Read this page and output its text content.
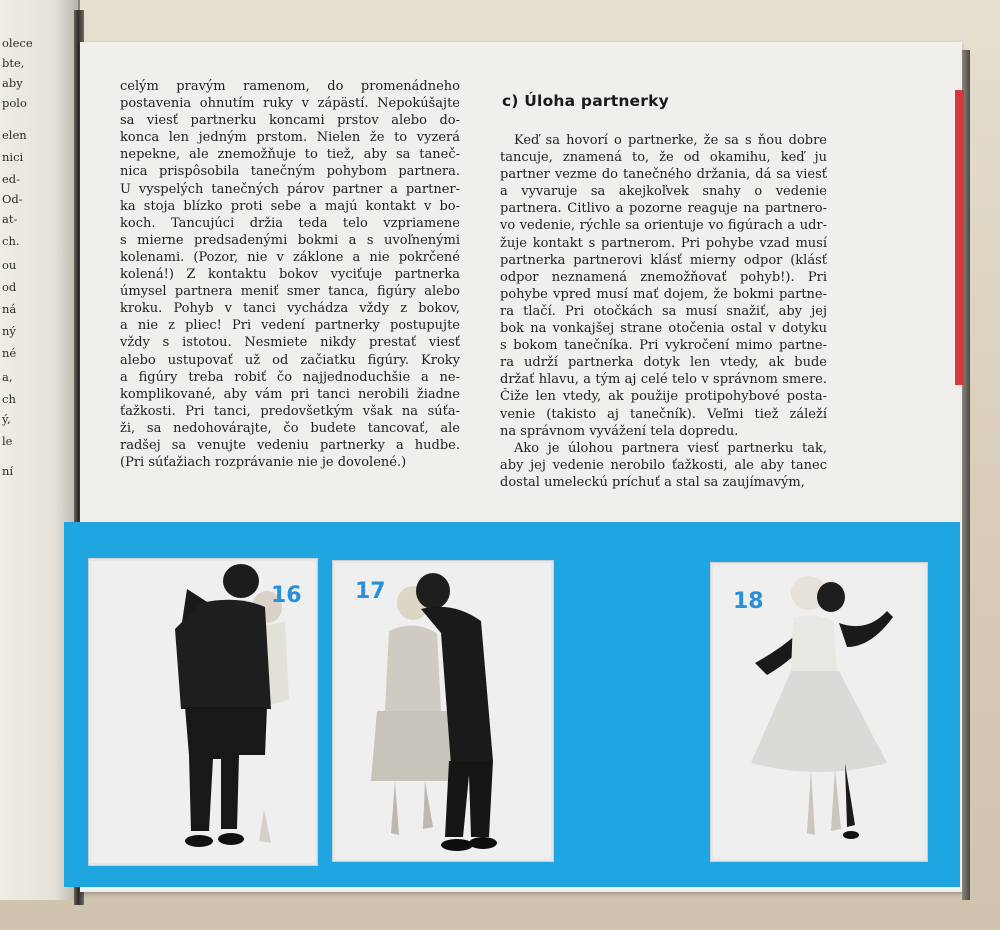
olece
bte,
aby
polo
elen
nici
ed-
Od-
at-
ch.
ou
od
ná
ný
né
a,
ch
ý,
le
ní
celým pravým ramenom, do promenádneho
postavenia ohnutím ruky v zápästí. Nepokúšajte
sa viesť partnerku koncami prstov alebo do-
konca len jedným prstom. Nielen že to vyzerá
nepekne, ale znemožňuje to tiež, aby sa taneč-
nica prispôsobila tanečným pohybom partnera.
U vyspelých tanečných párov partner a partner-
ka stoja blízko proti sebe a majú kontakt v bo-
koch. Tancujúci držia teda telo vzpriamene
s mierne predsadenými bokmi a s uvoľnenými
kolenami. (Pozor, nie v záklone a nie pokrčené
kolená!) Z kontaktu bokov vyciťuje partnerka
úmysel partnera meniť smer tanca, figúry alebo
kroku. Pohyb v tanci vychádza vždy z bokov,
a nie z pliec! Pri vedení partnerky postupujte
vždy s istotou. Nesmiete nikdy prestať viesť
alebo ustupovať už od začiatku figúry. Kroky
a figúry treba robiť čo najjednoduchšie a ne-
komplikované, aby vám pri tanci nerobili žiadne
ťažkosti. Pri tanci, predovšetkým však na súťa-
ži, sa nedohovárajte, čo budete tancovať, ale
radšej sa venujte vedeniu partnerky a hudbe.
(Pri súťažiach rozprávanie nie je dovolené.)
c) Úloha partnerky
Keď sa hovorí o partnerke, že sa s ňou dobre
tancuje, znamená to, že od okamihu, keď ju
partner vezme do tanečného držania, dá sa viesť
a vyvaruje sa akejkoľvek snahy o vedenie
partnera. Citlivo a pozorne reaguje na partnero-
vo vedenie, rýchle sa orientuje vo figúrach a udr-
žuje kontakt s partnerom. Pri pohybe vzad musí
partnerka partnerovi klásť mierny odpor (klásť
odpor neznamená znemožňovať pohyb!). Pri
pohybe vpred musí mať dojem, že bokmi partne-
ra tlačí. Pri otočkách sa musí snažiť, aby jej
bok na vonkajšej strane otočenia ostal v dotyku
s bokom tanečníka. Pri vykročení mimo partne-
ra udrží partnerka dotyk len vtedy, ak bude
držať hlavu, a tým aj celé telo v správnom smere.
Čiže len vtedy, ak použije protipohybové posta-
venie (takisto aj tanečník). Veľmi tiež záleží
na správnom vyvážení tela dopredu.
Ako je úlohou partnera viesť partnerku tak,
aby jej vedenie nerobilo ťažkosti, ale aby tanec
dostal umeleckú príchuť a stal sa zaujímavým,
16 17	18
